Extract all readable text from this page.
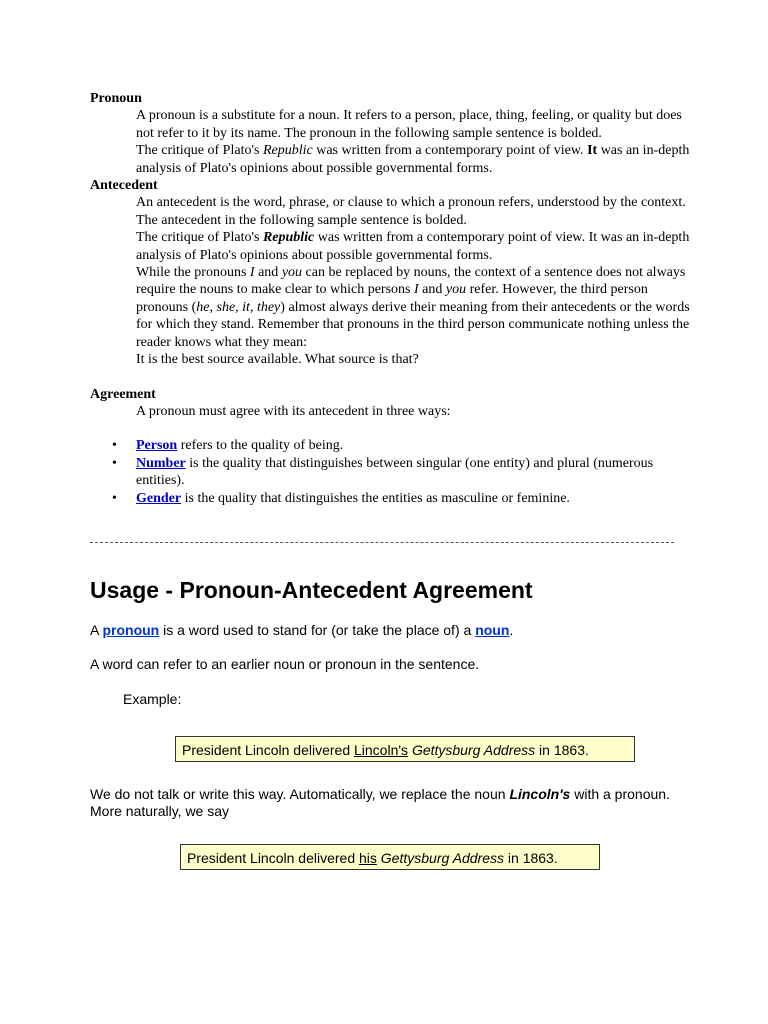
Pronoun

A pronoun is a substitute for a noun. It refers to a person, place, thing, feeling, or quality but does not refer to it by its name. The pronoun in the following sample sentence is bolded.

The critique of Plato's Republic was written from a contemporary point of view. It was an in-depth analysis of Plato's opinions about possible governmental forms.

Antecedent

An antecedent is the word, phrase, or clause to which a pronoun refers, understood by the context. The antecedent in the following sample sentence is bolded.

The critique of Plato's Republic was written from a contemporary point of view. It was an in-depth analysis of Plato's opinions about possible governmental forms.

While the pronouns I and you can be replaced by nouns, the context of a sentence does not always require the nouns to make clear to which persons I and you refer. However, the third person pronouns (he, she, it, they) almost always derive their meaning from their antecedents or the words for which they stand. Remember that pronouns in the third person communicate nothing unless the reader knows what they mean:

It is the best source available. What source is that?

Agreement

A pronoun must agree with its antecedent in three ways:

• Person refers to the quality of being.
• Number is the quality that distinguishes between singular (one entity) and plural (numerous entities).
• Gender is the quality that distinguishes the entities as masculine or feminine.
Usage - Pronoun-Antecedent Agreement

A pronoun is a word used to stand for (or take the place of) a noun.

A word can refer to an earlier noun or pronoun in the sentence.

Example:

President Lincoln delivered Lincoln's Gettysburg Address in 1863.

We do not talk or write this way. Automatically, we replace the noun Lincoln's with a pronoun. More naturally, we say

President Lincoln delivered his Gettysburg Address in 1863.
